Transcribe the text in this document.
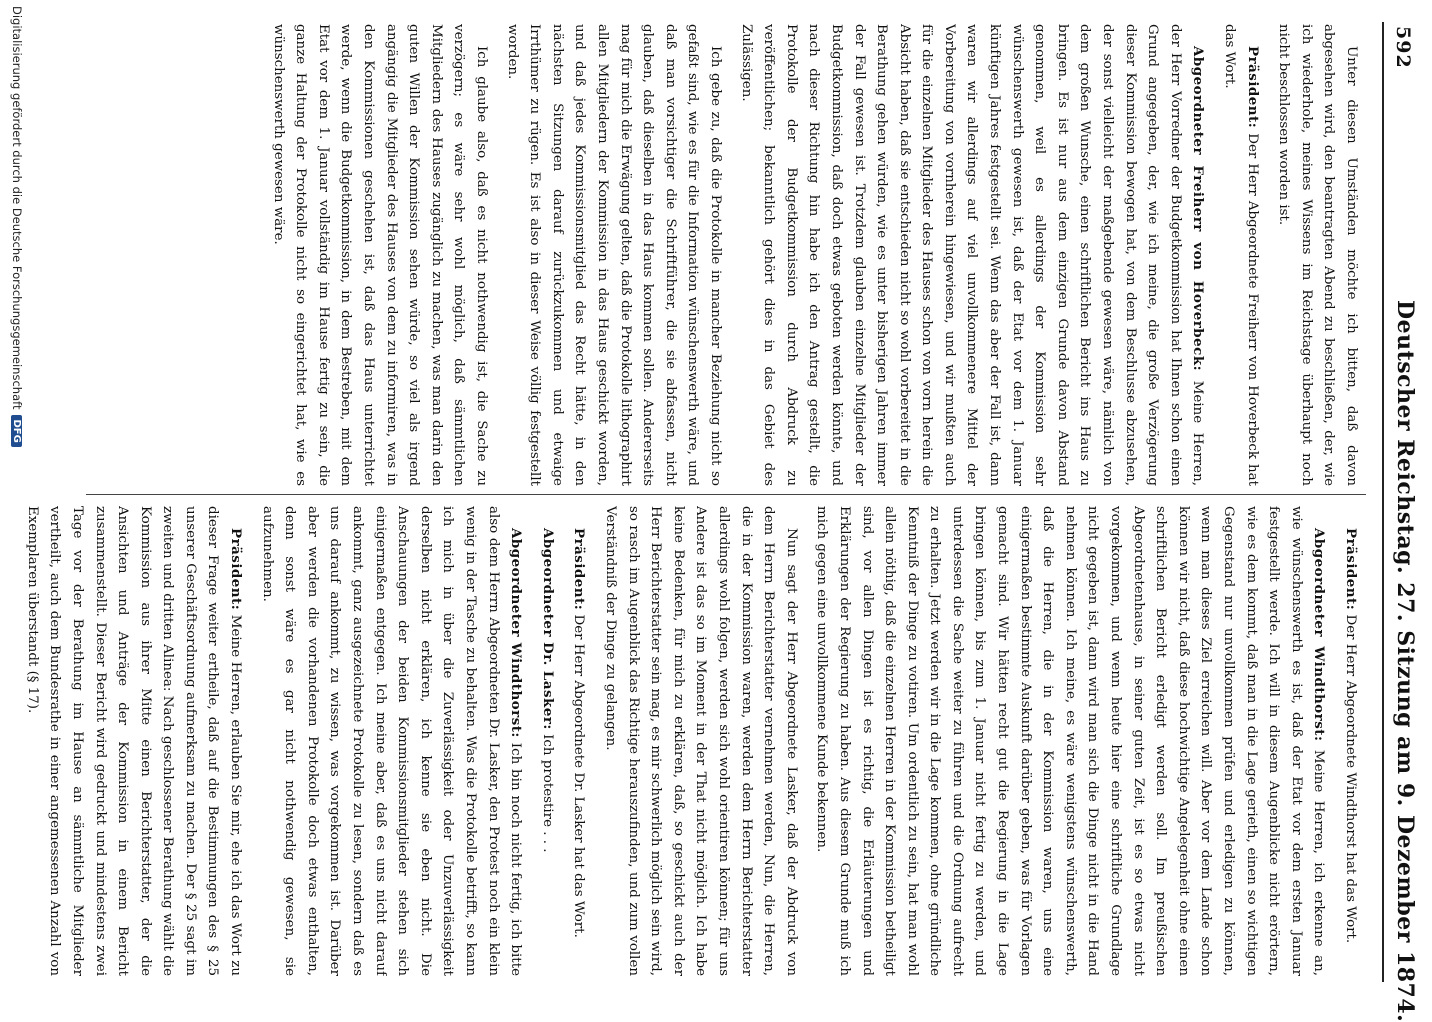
592
Deutscher Reichstag. 27. Sitzung am 9. Dezember 1874.

Unter diesen Umständen möchte ich bitten, daß davon abgesehen wird, den beantragten Abend zu beschließen, der, wie ich wiederhole, meines Wissens im Reichstage überhaupt noch nicht beschlossen worden ist.

Präsident: Der Herr Abgeordnete Freiherr von Hoverbeck hat das Wort.

Abgeordneter Freiherr von Hoverbeck: Meine Herren, der Herr Vorredner der Budgetkommission hat Ihnen schon einen Grund angegeben, der, wie ich meine, die große Verzögerung dieser Kommission bewogen hat, von dem Beschlusse abzusehen, der sonst vielleicht der maßgebende gewesen wäre, nämlich von dem großen Wunsche, einen schriftlichen Bericht ins Haus zu bringen. Es ist nur aus dem einzigen Grunde davon Abstand genommen, weil es allerdings der Kommission sehr wünschenswerth gewesen ist, daß der Etat vor dem 1. Januar künftigen Jahres festgestellt sei. Wenn das aber der Fall ist, dann waren wir allerdings auf viel unvollkommenere Mittel der Vorbereitung von vornherein hingewiesen, und wir mußten auch für die einzelnen Mitglieder des Hauses schon von vorn herein die Absicht haben, daß sie entschieden nicht so wohl vorbereitet in die Berathung gehen würden, wie es unter bisherigen Jahren immer der Fall gewesen ist. Trotzdem glauben einzelne Mitglieder der Budgetkommission, daß doch etwas geboten werden könnte, und nach dieser Richtung hin habe ich den Antrag gestellt, die Protokolle der Budgetkommission durch Abdruck zu veröffentlichen; bekanntlich gehört dies in das Gebiet des Zulässigen.

Ich gebe zu, daß die Protokolle in mancher Beziehung nicht so gefaßt sind, wie es für die Information wünschenswerth wäre, und daß man vorsichtiger die Schriftführer, die sie abfassen, nicht glauben, daß dieselben in das Haus kommen sollen. Andererseits mag für mich die Erwägung gelten, daß die Protokolle lithographirt allen Mitgliedern der Kommission in das Haus geschickt worden, und daß jedes Kommissionsmitglied das Recht hätte, in den nächsten Sitzungen darauf zurückzukommen und etwaige Irrthümer zu rügen. Es ist also in dieser Weise völlig festgestellt worden.

Ich glaube also, daß es nicht nothwendig ist, die Sache zu verzögern; es wäre sehr wohl möglich, daß sämmtlichen Mitgliedern des Hauses zugänglich zu machen, was man darin den guten Willen der Kommission sehen würde, so viel als irgend angängig die Mitglieder des Hauses von dem zu informiren, was in den Kommissionen geschehen ist, daß das Haus unterrichtet werde, wenn die Budgetkommission, in dem Bestreben, mit dem Etat vor dem 1. Januar vollständig im Hause fertig zu sein, die ganze Haltung der Protokolle nicht so eingerichtet hat, wie es wünschenswerth gewesen wäre.

Präsident: Der Herr Abgeordnete Windthorst hat das Wort.

Abgeordneter Windthorst: Meine Herren, ich erkenne an, wie wünschenswerth es ist, daß der Etat vor dem ersten Januar festgestellt werde. Ich will in diesem Augenblicke nicht erörtern, wie es dem kommt, daß man in die Lage gerieth, einen so wichtigen Gegenstand nur unvollkommen prüfen und erledigen zu können, wenn man dieses Ziel erreichen will. Aber vor dem Lande schon können wir nicht, daß diese hochwichtige Angelegenheit ohne einen schriftlichen Bericht erledigt werden soll. Im preußischen Abgeordnetenhause, in seiner guten Zeit, ist es so etwas nicht vorgekommen, und wenn heute hier eine schriftliche Grundlage nicht gegeben ist, dann wird man sich die Dinge nicht in die Hand nehmen können. Ich meine, es wäre wenigstens wünschenswerth, daß die Herren, die in der Kommission waren, uns eine einigermaßen bestimmte Auskunft darüber geben, was für Vorlagen gemacht sind. Wir hätten recht gut die Regierung in die Lage bringen können, bis zum 1. Januar nicht fertig zu werden, und unterdessen die Sache weiter zu führen und die Ordnung aufrecht zu erhalten. Jetzt werden wir in die Lage kommen, ohne gründliche Kenntniß der Dinge zu votiren. Um ordentlich zu sein, hat man wohl allein nöthig, daß die einzelnen Herren in der Kommission betheiligt sind, vor allen Dingen ist es richtig, die Erläuterungen und Erklärungen der Regierung zu haben. Aus diesem Grunde muß ich mich gegen eine unvollkommene Kunde bekennen.

Nun sagt der Herr Abgeordnete Lasker, daß der Abdruck von dem Herrn Berichterstatter vernehmen werden, Nun, die Herren, die in der Kommission waren, werden dem Herrn Berichterstatter allerdings wohl folgen, werden sich wohl orientiren können; für uns Andere ist das so im Moment in der That nicht möglich. Ich habe keine Bedenken, für mich zu erklären, daß, so geschickt auch der Herr Berichterstatter sein mag, es mir schwerlich möglich sein wird, so rasch im Augenblick das Richtige herauszufinden, und zum vollen Verständniß der Dinge zu gelangen.

Präsident: Der Herr Abgeordnete Dr. Lasker hat das Wort.

Abgeordneter Dr. Lasker: Ich protestire . . .

Abgeordneter Windthorst: Ich bin noch nicht fertig, ich bitte also dem Herrn Abgeordneten Dr. Lasker, den Protest noch ein klein wenig in der Tasche zu behalten. Was die Protokolle betrifft, so kann ich mich in über die Zuverlässigkeit oder Unzuverlässigkeit derselben nicht erklären, ich kenne sie eben nicht. Die Anschauungen der beiden Kommissionsmitglieder stehen sich einigermaßen entgegen. Ich meine aber, daß es uns nicht darauf ankommt, ganz ausgezeichnete Protokolle zu lesen, sondern daß es uns darauf ankommt, zu wissen, was vorgekommen ist. Darüber aber werden die vorhandenen Protokolle doch etwas enthalten, denn sonst wäre es gar nicht nothwendig gewesen, sie aufzunehmen.

Präsident: Meine Herren, erlauben Sie mir, ehe ich das Wort zu dieser Frage weiter ertheile, daß auf die Bestimmungen des § 25 unserer Geschäftsordnung aufmerksam zu machen. Der § 25 sagt im zweiten und dritten Alinea: Nach geschlossener Berathung wählt die Kommission aus ihrer Mitte einen Berichterstatter, der die Ansichten und Anträge der Kommission in einem Bericht zusammenstellt. Dieser Bericht wird gedruckt und mindestens zwei Tage vor der Berathung im Hause an sämmtliche Mitglieder vertheilt, auch dem Bundesrathe in einer angemessenen Anzahl von Exemplaren überstandt (§ 17).

Digitalisierung gefördert durch die Deutsche ForschungsgemeinschaftDFG
